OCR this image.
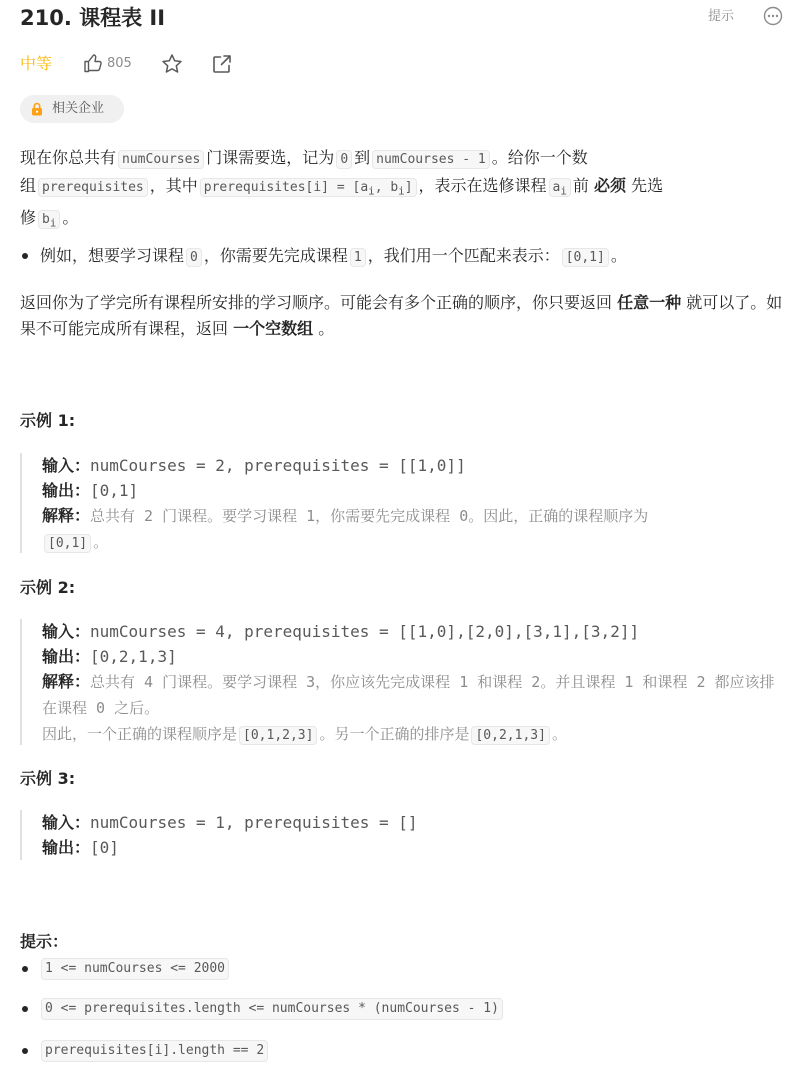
210. 课程表 II	提示
中等	805
相关企业
现在你总共有 numCourses 门课需要选，记为 0 到 numCourses - 1 。给你一个数
组 prerequisites ，其中 prerequisites[i] = [$a_i$, $b_i$] ，表示在选修课程 $a_i$ 前 必须 先选
修 $b_i$ 。
例如，想要学习课程 0 ，你需要先完成课程 1 ，我们用一个匹配来表示： [0,1] 。
返回你为了学完所有课程所安排的学习顺序。可能会有多个正确的顺序，你只要返回 任意一种 就可以了。如果不可能完成所有课程，返回 一个空数组 。
示例 1:
输入：numCourses = 2, prerequisites = [[1,0]]
输出：[0,1]
解释：总共有 2 门课程。要学习课程 1，你需要先完成课程 0。因此，正确的课程顺序为
[0,1] 。
示例 2:
输入：numCourses = 4, prerequisites = [[1,0],[2,0],[3,1],[3,2]]
输出：[0,2,1,3]
解释：总共有 4 门课程。要学习课程 3，你应该先完成课程 1 和课程 2。并且课程 1 和课程 2 都应该排在课程 0 之后。
因此，一个正确的课程顺序是 [0,1,2,3] 。另一个正确的排序是 [0,2,1,3] 。
示例 3:
输入：numCourses = 1, prerequisites = []
输出：[0]
提示：
1 <= numCourses <= 2000
0 <= prerequisites.length <= numCourses * (numCourses - 1)
prerequisites[i].length == 2
